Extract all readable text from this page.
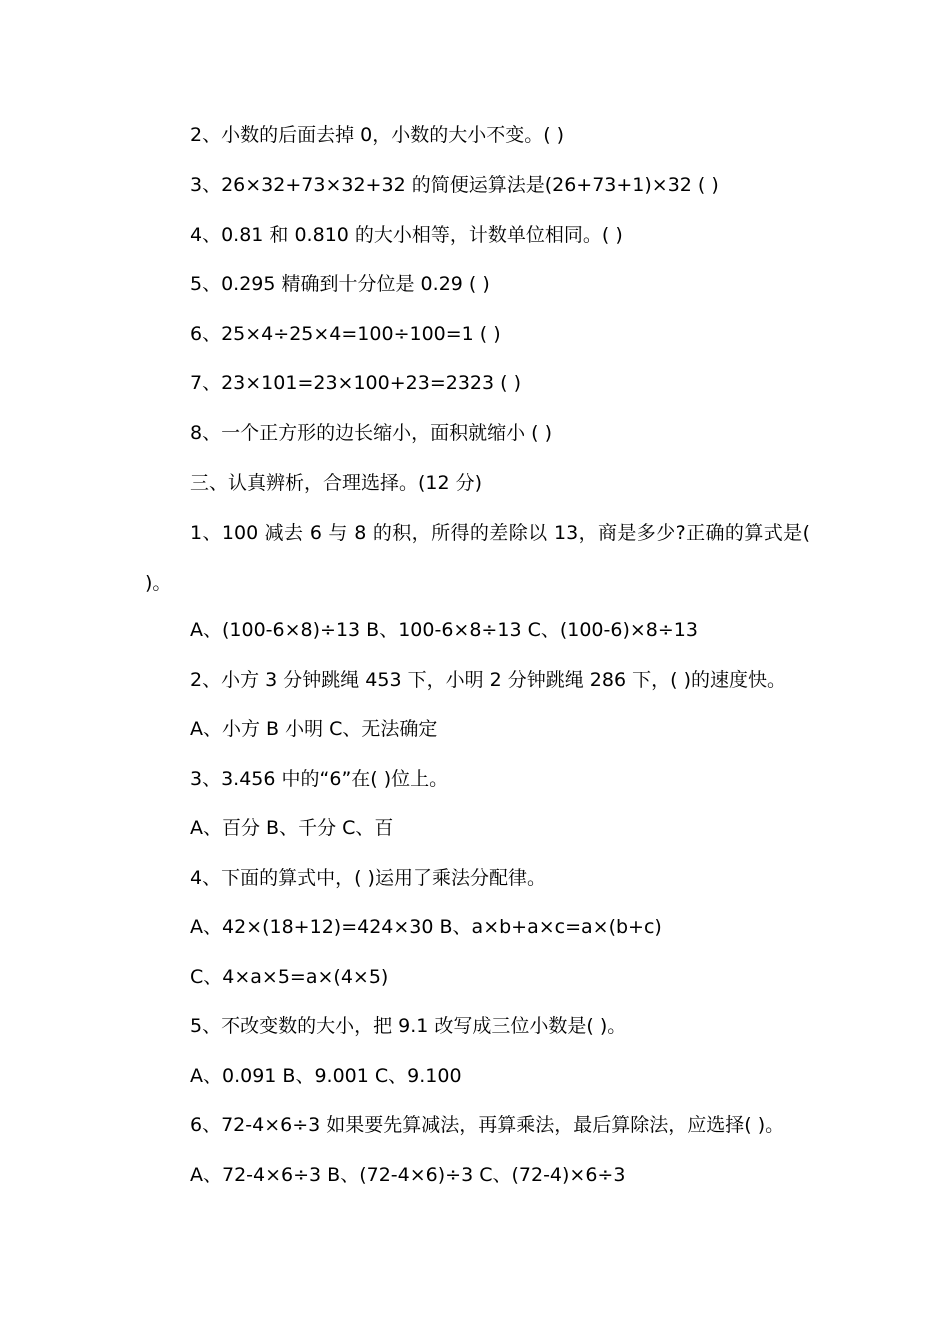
2、小数的后面去掉 0，小数的大小不变。( )
3、26×32+73×32+32 的简便运算法是(26+73+1)×32 ( )
4、0.81 和 0.810 的大小相等，计数单位相同。( )
5、0.295 精确到十分位是 0.29 ( )
6、25×4÷25×4=100÷100=1 ( )
7、23×101=23×100+23=2323 ( )
8、一个正方形的边长缩小，面积就缩小 ( )
三、认真辨析，合理选择。(12 分)
1、100 减去 6 与 8 的积，所得的差除以 13，商是多少?正确的算式是( )。
A、(100-6×8)÷13 B、100-6×8÷13 C、(100-6)×8÷13
2、小方 3 分钟跳绳 453 下，小明 2 分钟跳绳 286 下，( )的速度快。
A、小方 B 小明 C、无法确定
3、3.456 中的“6”在( )位上。
A、百分 B、千分 C、百
4、下面的算式中，( )运用了乘法分配律。
A、42×(18+12)=424×30 B、a×b+a×c=a×(b+c)
C、4×a×5=a×(4×5)
5、不改变数的大小，把 9.1 改写成三位小数是( )。
A、0.091 B、9.001 C、9.100
6、72-4×6÷3 如果要先算减法，再算乘法，最后算除法，应选择( )。
A、72-4×6÷3 B、(72-4×6)÷3 C、(72-4)×6÷3
